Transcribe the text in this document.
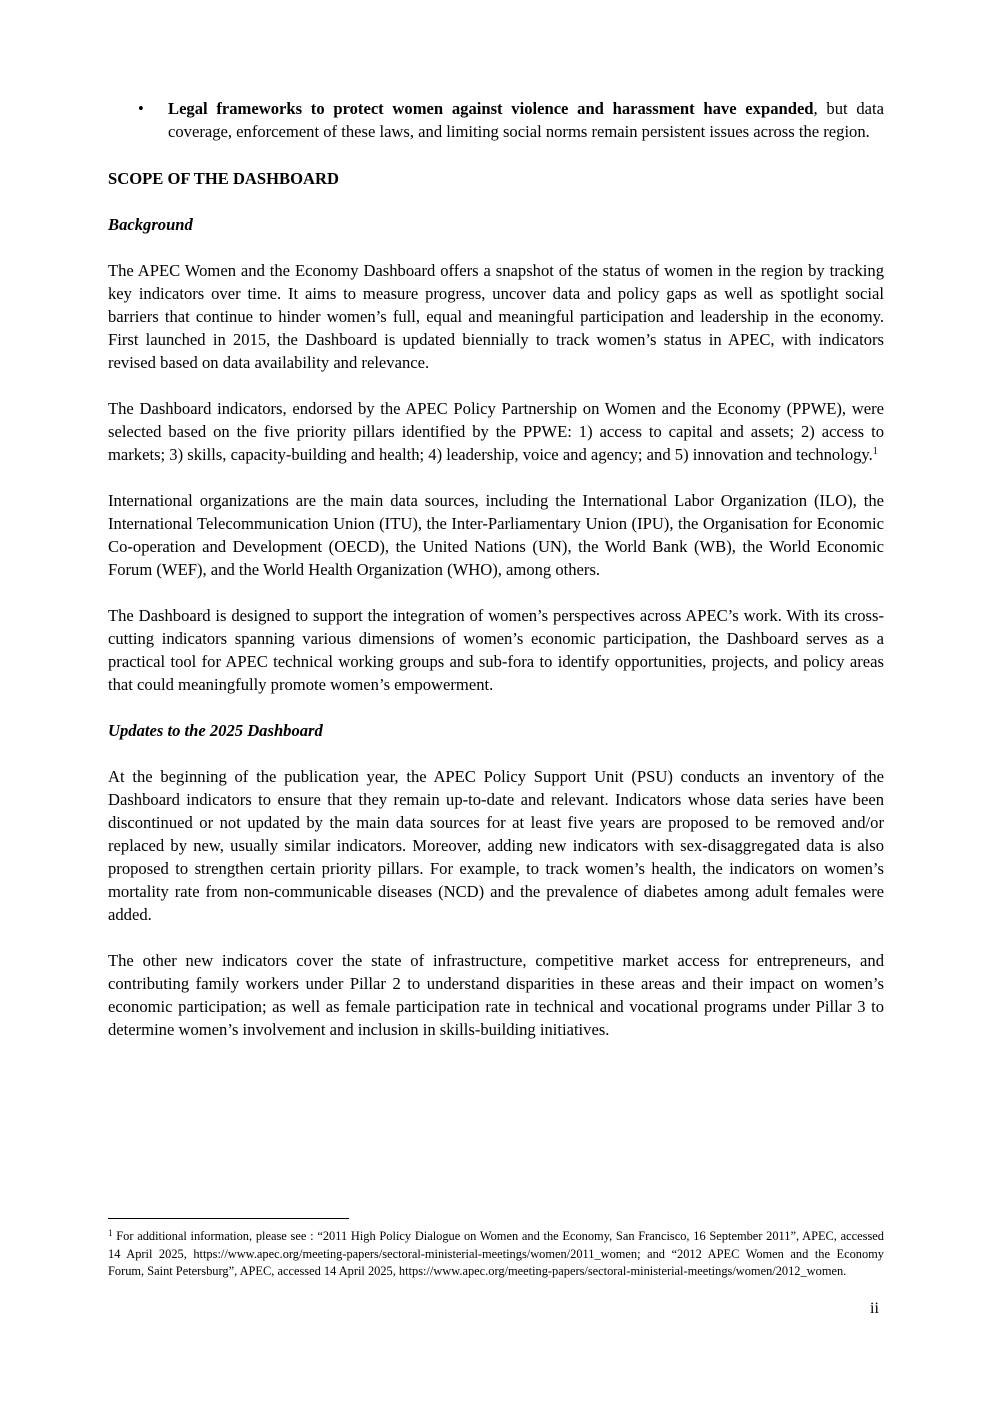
•	Legal frameworks to protect women against violence and harassment have expanded, but data coverage, enforcement of these laws, and limiting social norms remain persistent issues across the region.

SCOPE OF THE DASHBOARD
Background

The APEC Women and the Economy Dashboard offers a snapshot of the status of women in the region by tracking key indicators over time. It aims to measure progress, uncover data and policy gaps as well as spotlight social barriers that continue to hinder women’s full, equal and meaningful participation and leadership in the economy. First launched in 2015, the Dashboard is updated biennially to track women’s status in APEC, with indicators revised based on data availability and relevance.

The Dashboard indicators, endorsed by the APEC Policy Partnership on Women and the Economy (PPWE), were selected based on the five priority pillars identified by the PPWE: 1) access to capital and assets; 2) access to markets; 3) skills, capacity-building and health; 4) leadership, voice and agency; and 5) innovation and technology.$^1$

International organizations are the main data sources, including the International Labor Organization (ILO), the International Telecommunication Union (ITU), the Inter-Parliamentary Union (IPU), the Organisation for Economic Co-operation and Development (OECD), the United Nations (UN), the World Bank (WB), the World Economic Forum (WEF), and the World Health Organization (WHO), among others.

The Dashboard is designed to support the integration of women’s perspectives across APEC’s work. With its cross-cutting indicators spanning various dimensions of women’s economic participation, the Dashboard serves as a practical tool for APEC technical working groups and sub-fora to identify opportunities, projects, and policy areas that could meaningfully promote women’s empowerment.

Updates to the 2025 Dashboard

At the beginning of the publication year, the APEC Policy Support Unit (PSU) conducts an inventory of the Dashboard indicators to ensure that they remain up-to-date and relevant. Indicators whose data series have been discontinued or not updated by the main data sources for at least five years are proposed to be removed and/or replaced by new, usually similar indicators. Moreover, adding new indicators with sex-disaggregated data is also proposed to strengthen certain priority pillars. For example, to track women’s health, the indicators on women’s mortality rate from non-communicable diseases (NCD) and the prevalence of diabetes among adult females were added.

The other new indicators cover the state of infrastructure, competitive market access for entrepreneurs, and contributing family workers under Pillar 2 to understand disparities in these areas and their impact on women’s economic participation; as well as female participation rate in technical and vocational programs under Pillar 3 to determine women’s involvement and inclusion in skills-building initiatives.

$^1$ For additional information, please see : “2011 High Policy Dialogue on Women and the Economy, San Francisco, 16 September 2011”, APEC, accessed 14 April 2025, https://www.apec.org/meeting-papers/sectoral-ministerial-meetings/women/2011_women; and “2012 APEC Women and the Economy Forum, Saint Petersburg”, APEC, accessed 14 April 2025, https://www.apec.org/meeting-papers/sectoral-ministerial-meetings/women/2012_women.
ii
